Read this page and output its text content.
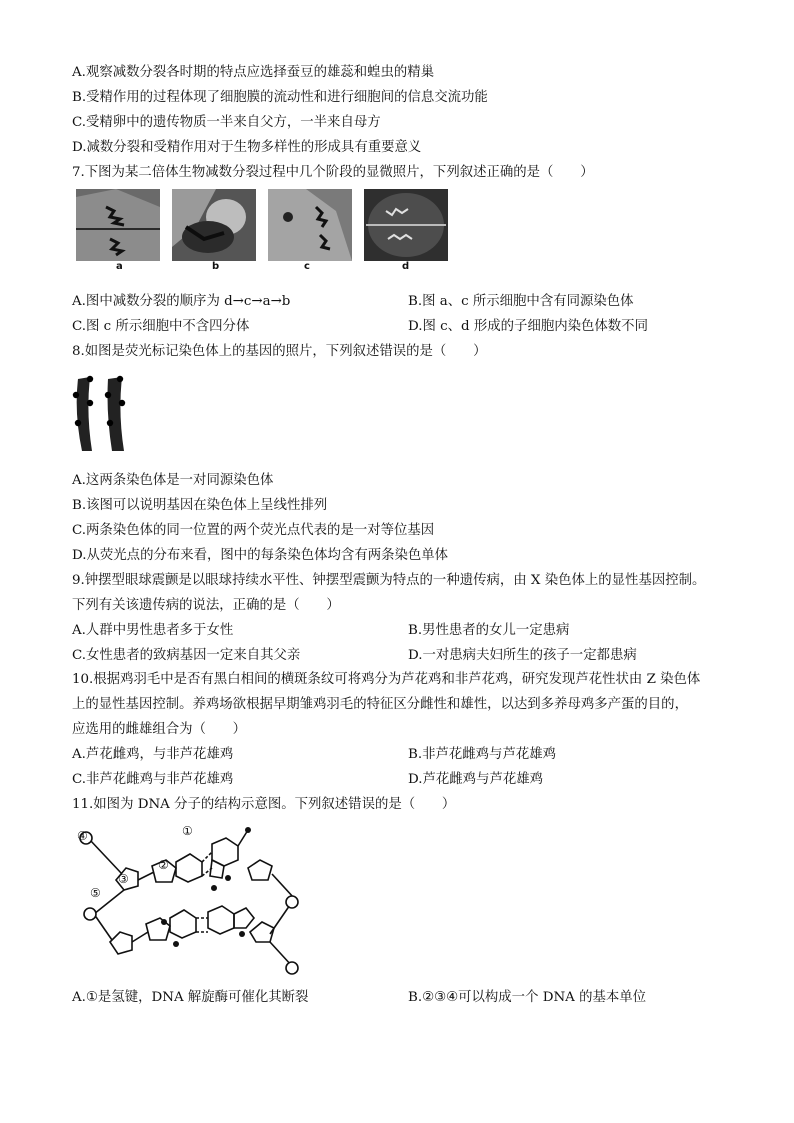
A.观察减数分裂各时期的特点应选择蚕豆的雄蕊和蝗虫的精巢
B.受精作用的过程体现了细胞膜的流动性和进行细胞间的信息交流功能
C.受精卵中的遗传物质一半来自父方，一半来自母方
D.减数分裂和受精作用对于生物多样性的形成具有重要意义
7.下图为某二倍体生物减数分裂过程中几个阶段的显微照片，下列叙述正确的是（　　）
a	b	c	d
A.图中减数分裂的顺序为 d→c→a→b	B.图 a、c 所示细胞中含有同源染色体
C.图 c 所示细胞中不含四分体	D.图 c、d 形成的子细胞内染色体数不同
8.如图是荧光标记染色体上的基因的照片，下列叙述错误的是（　　）
A.这两条染色体是一对同源染色体
B.该图可以说明基因在染色体上呈线性排列
C.两条染色体的同一位置的两个荧光点代表的是一对等位基因
D.从荧光点的分布来看，图中的每条染色体均含有两条染色单体
9.钟摆型眼球震颤是以眼球持续水平性、钟摆型震颤为特点的一种遗传病，由 X 染色体上的显性基因控制。
下列有关该遗传病的说法，正确的是（　　）
A.人群中男性患者多于女性	B.男性患者的女儿一定患病
C.女性患者的致病基因一定来自其父亲	D.一对患病夫妇所生的孩子一定都患病
10.根据鸡羽毛中是否有黑白相间的横斑条纹可将鸡分为芦花鸡和非芦花鸡，研究发现芦花性状由 Z 染色体
上的显性基因控制。养鸡场欲根据早期雏鸡羽毛的特征区分雌性和雄性，以达到多养母鸡多产蛋的目的，
应选用的雌雄组合为（　　）
A.芦花雌鸡，与非芦花雄鸡	B.非芦花雌鸡与芦花雄鸡
C.非芦花雌鸡与非芦花雄鸡	D.芦花雌鸡与芦花雄鸡
11.如图为 DNA 分子的结构示意图。下列叙述错误的是（　　）
④	①
②
③
⑤
A.①是氢键，DNA 解旋酶可催化其断裂	B.②③④可以构成一个 DNA 的基本单位
